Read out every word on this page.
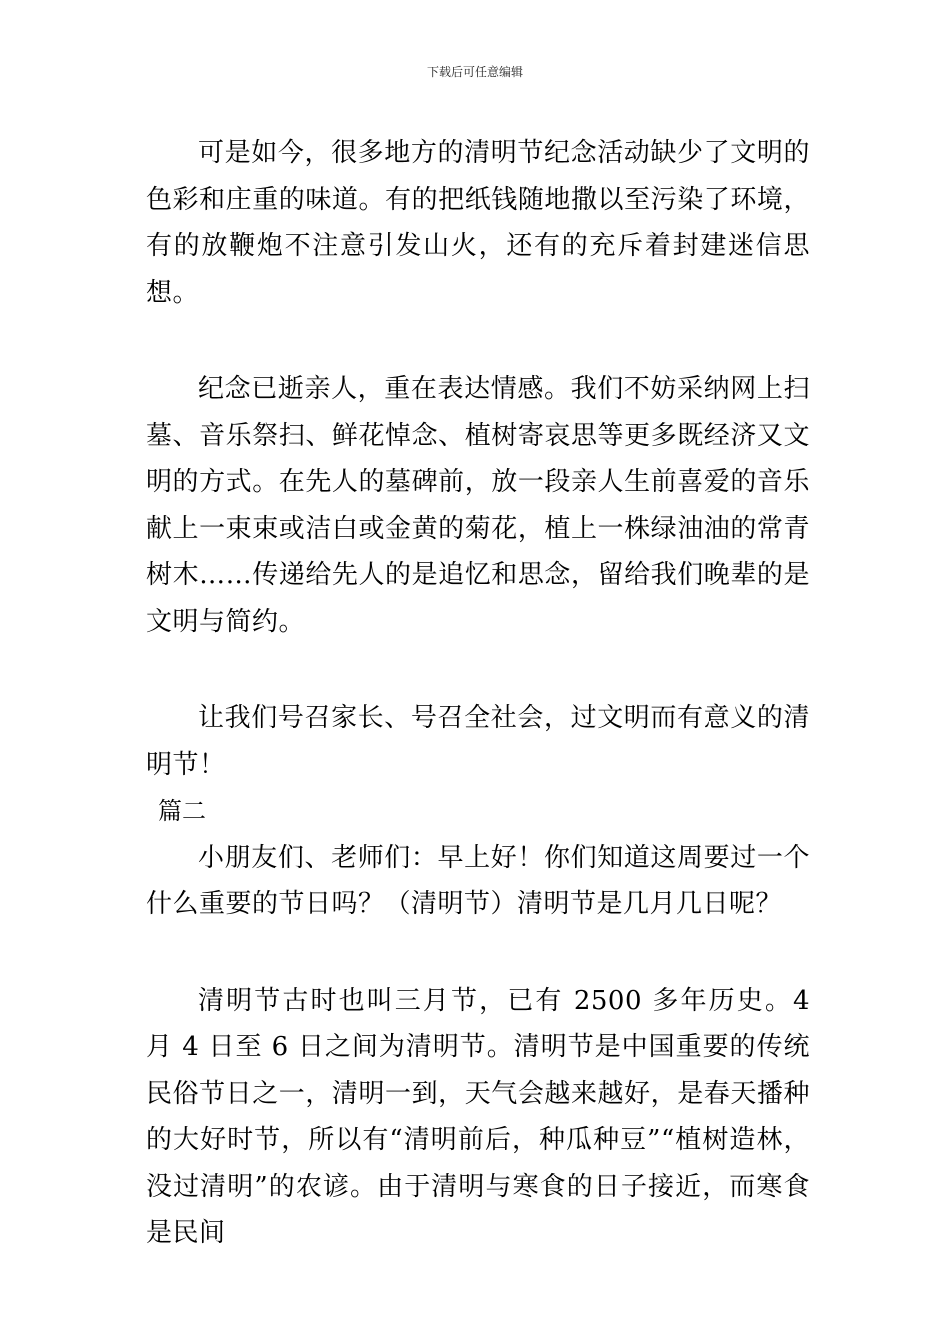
下载后可任意编辑

可是如今，很多地方的清明节纪念活动缺少了文明的色彩和庄重的味道。有的把纸钱随地撒以至污染了环境，有的放鞭炮不注意引发山火，还有的充斥着封建迷信思想。

纪念已逝亲人，重在表达情感。我们不妨采纳网上扫墓、音乐祭扫、鲜花悼念、植树寄哀思等更多既经济又文明的方式。在先人的墓碑前，放一段亲人生前喜爱的音乐献上一束束或洁白或金黄的菊花，植上一株绿油油的常青树木……传递给先人的是追忆和思念，留给我们晚辈的是文明与简约。

让我们号召家长、号召全社会，过文明而有意义的清明节！

篇二

小朋友们、老师们：早上好！你们知道这周要过一个什么重要的节日吗？（清明节）清明节是几月几日呢？

清明节古时也叫三月节，已有 2500 多年历史。4 月 4 日至 6 日之间为清明节。清明节是中国重要的传统民俗节日之一，清明一到，天气会越来越好，是春天播种的大好时节，所以有“清明前后，种瓜种豆”“植树造林，没过清明”的农谚。由于清明与寒食的日子接近，而寒食是民间
